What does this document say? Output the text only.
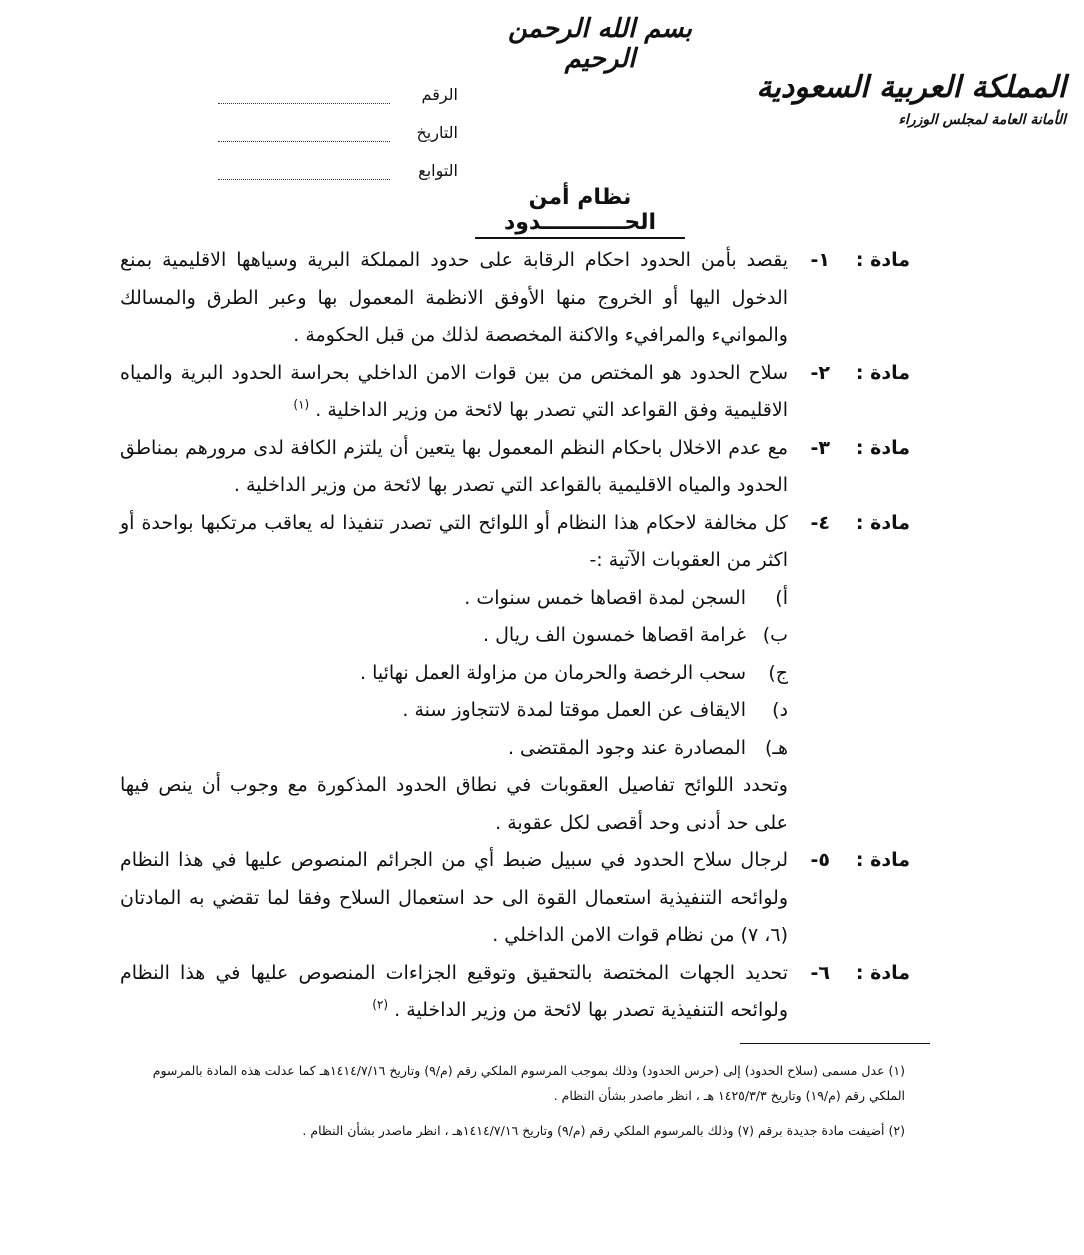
بسم الله الرحمن الرحيم
المملكة العربية السعودية
الأمانة العامة لمجلس الوزراء
الرقم
التاريخ
التوابع
نظام أمن الحـــــــــــدود
مادة :
١-
يقصد بأمن الحدود احكام الرقابة على حدود المملكة البرية وسياهها الاقليمية بمنع الدخول اليها أو الخروج منها الأوفق الانظمة المعمول بها وعبر الطرق والمسالك والموانيء والمرافيء والاكنة المخصصة لذلك من قبل الحكومة .
مادة :
٢-
سلاح الحدود هو المختص من بين قوات الامن الداخلي بحراسة الحدود البرية والمياه الاقليمية وفق القواعد التي تصدر بها لائحة من وزير الداخلية . $^{(١)}$
مادة :
٣-
مع عدم الاخلال باحكام النظم المعمول بها يتعين أن يلتزم الكافة لدى مرورهم بمناطق الحدود والمياه الاقليمية بالقواعد التي تصدر بها لائحة من وزير الداخلية .
مادة :
٤-
كل مخالفة لاحكام هذا النظام أو اللوائح التي تصدر تنفيذا له يعاقب مرتكبها بواحدة أو اكثر من العقوبات الآتية :-
أ)
السجن لمدة اقصاها خمس سنوات .
ب)
غرامة اقصاها خمسون الف ريال .
ج)
سحب الرخصة والحرمان من مزاولة العمل نهائيا .
د)
الايقاف عن العمل موقتا لمدة لاتتجاوز سنة .
هـ)
المصادرة عند وجود المقتضى .
وتحدد اللوائح تفاصيل العقوبات في نطاق الحدود المذكورة مع وجوب أن ينص فيها على حد أدنى وحد أقصى لكل عقوبة .
مادة :
٥-
لرجال سلاح الحدود في سبيل ضبط أي من الجرائم المنصوص عليها في هذا النظام ولوائحه التنفيذية استعمال القوة الى حد استعمال السلاح وفقا لما تقضي به المادتان (٦، ٧) من نظام قوات الامن الداخلي .
مادة :
٦-
تحديد الجهات المختصة بالتحقيق وتوقيع الجزاءات المنصوص عليها في هذا النظام ولوائحه التنفيذية تصدر بها لائحة من وزير الداخلية . $^{(٢)}$
(١) عدل مسمى (سلاح الحدود) إلى (حرس الحدود) وذلك بموجب المرسوم الملكي رقم (م/٩) وتاريخ ١٤١٤/٧/١٦هـ كما عدلت هذه المادة بالمرسوم الملكي رقم (م/١٩) وتاريخ ١٤٢٥/٣/٣ هـ ، انظر ماصدر بشأن النظام .
(٢) أضيفت مادة جديدة برقم (٧) وذلك بالمرسوم الملكي رقم (م/٩) وتاريخ ١٤١٤/٧/١٦هـ ، انظر ماصدر بشأن النظام .
